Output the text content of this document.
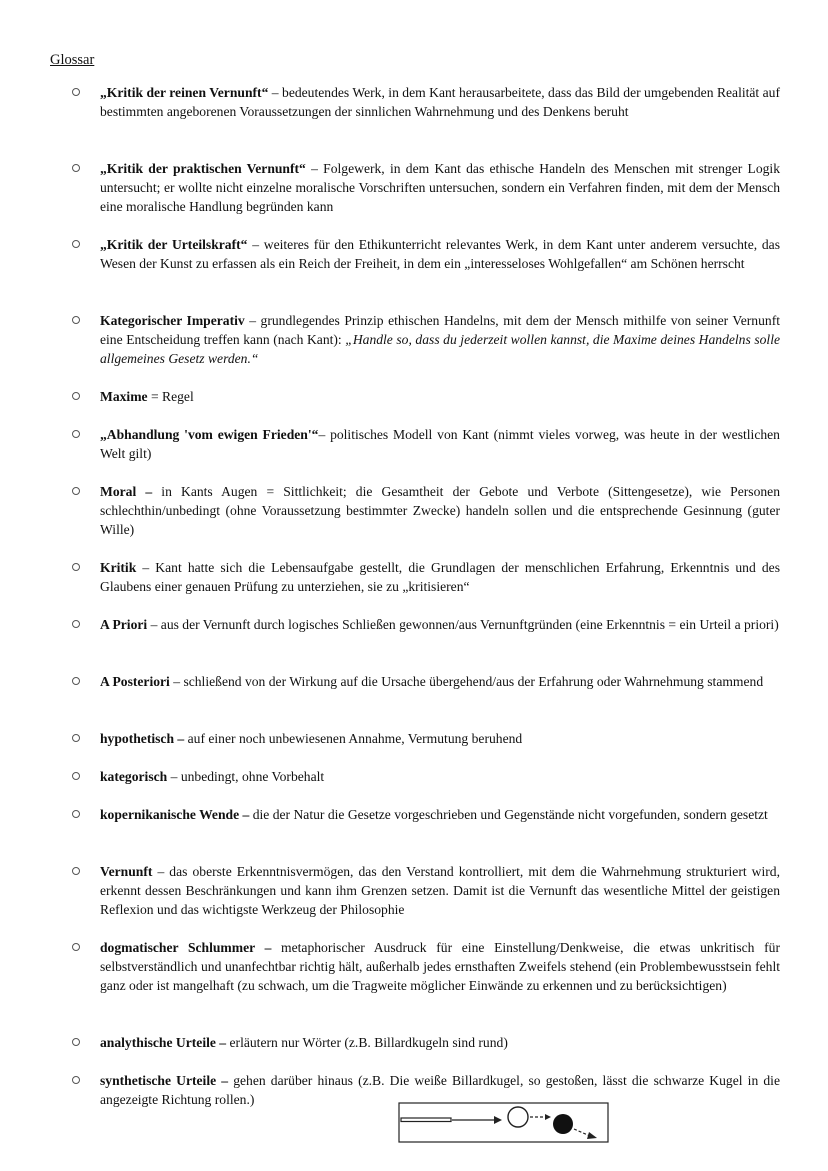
Glossar
„Kritik der reinen Vernunft“ – bedeutendes Werk, in dem Kant herausarbeitete, dass das Bild der umgebenden Realität auf bestimmten angeborenen Voraussetzungen der sinnlichen Wahrnehmung und des Denkens beruht
„Kritik der praktischen Vernunft“ – Folgewerk, in dem Kant das ethische Handeln des Menschen mit strenger Logik untersucht; er wollte nicht einzelne moralische Vorschriften untersuchen, sondern ein Verfahren finden, mit dem der Mensch eine moralische Handlung begründen kann
„Kritik der Urteilskraft“ – weiteres für den Ethikunterricht relevantes Werk, in dem Kant unter anderem versuchte, das Wesen der Kunst zu erfassen als ein Reich der Freiheit, in dem ein „interesseloses Wohlgefallen“ am Schönen herrscht
Kategorischer Imperativ – grundlegendes Prinzip ethischen Handelns, mit dem der Mensch mithilfe von seiner Vernunft eine Entscheidung treffen kann (nach Kant): „Handle so, dass du jederzeit wollen kannst, die Maxime deines Handelns solle allgemeines Gesetz werden.“
Maxime = Regel
„Abhandlung 'vom ewigen Frieden'“– politisches Modell von Kant (nimmt vieles vorweg, was heute in der westlichen Welt gilt)
Moral – in Kants Augen = Sittlichkeit; die Gesamtheit der Gebote und Verbote (Sittengesetze), wie Personen schlechthin/unbedingt (ohne Voraussetzung bestimmter Zwecke) handeln sollen und die entsprechende Gesinnung (guter Wille)
Kritik – Kant hatte sich die Lebensaufgabe gestellt, die Grundlagen der menschlichen Erfahrung, Erkenntnis und des Glaubens einer genauen Prüfung zu unterziehen, sie zu „kritisieren“
A Priori – aus der Vernunft durch logisches Schließen gewonnen/aus Vernunftgründen (eine Erkenntnis = ein Urteil a priori)
A Posteriori – schließend von der Wirkung auf die Ursache übergehend/aus der Erfahrung oder Wahrnehmung stammend
hypothetisch – auf einer noch unbewiesenen Annahme, Vermutung beruhend
kategorisch – unbedingt, ohne Vorbehalt
kopernikanische Wende – die der Natur die Gesetze vorgeschrieben und Gegenstände nicht vorgefunden, sondern gesetzt
Vernunft – das oberste Erkenntnisvermögen, das den Verstand kontrolliert, mit dem die Wahrnehmung strukturiert wird, erkennt dessen Beschränkungen und kann ihm Grenzen setzen. Damit ist die Vernunft das wesentliche Mittel der geistigen Reflexion und das wichtigste Werkzeug der Philosophie
dogmatischer Schlummer – metaphorischer Ausdruck für eine Einstellung/Denkweise, die etwas unkritisch für selbstverständlich und unanfechtbar richtig hält, außerhalb jedes ernsthaften Zweifels stehend (ein Problembewusstsein fehlt ganz oder ist mangelhaft (zu schwach, um die Tragweite möglicher Einwände zu erkennen und zu berücksichtigen)
analythische Urteile – erläutern nur Wörter (z.B. Billardkugeln sind rund)
synthetische Urteile – gehen darüber hinaus (z.B. Die weiße Billardkugel, so gestoßen, lässt die schwarze Kugel in die angezeigte Richtung rollen.)
